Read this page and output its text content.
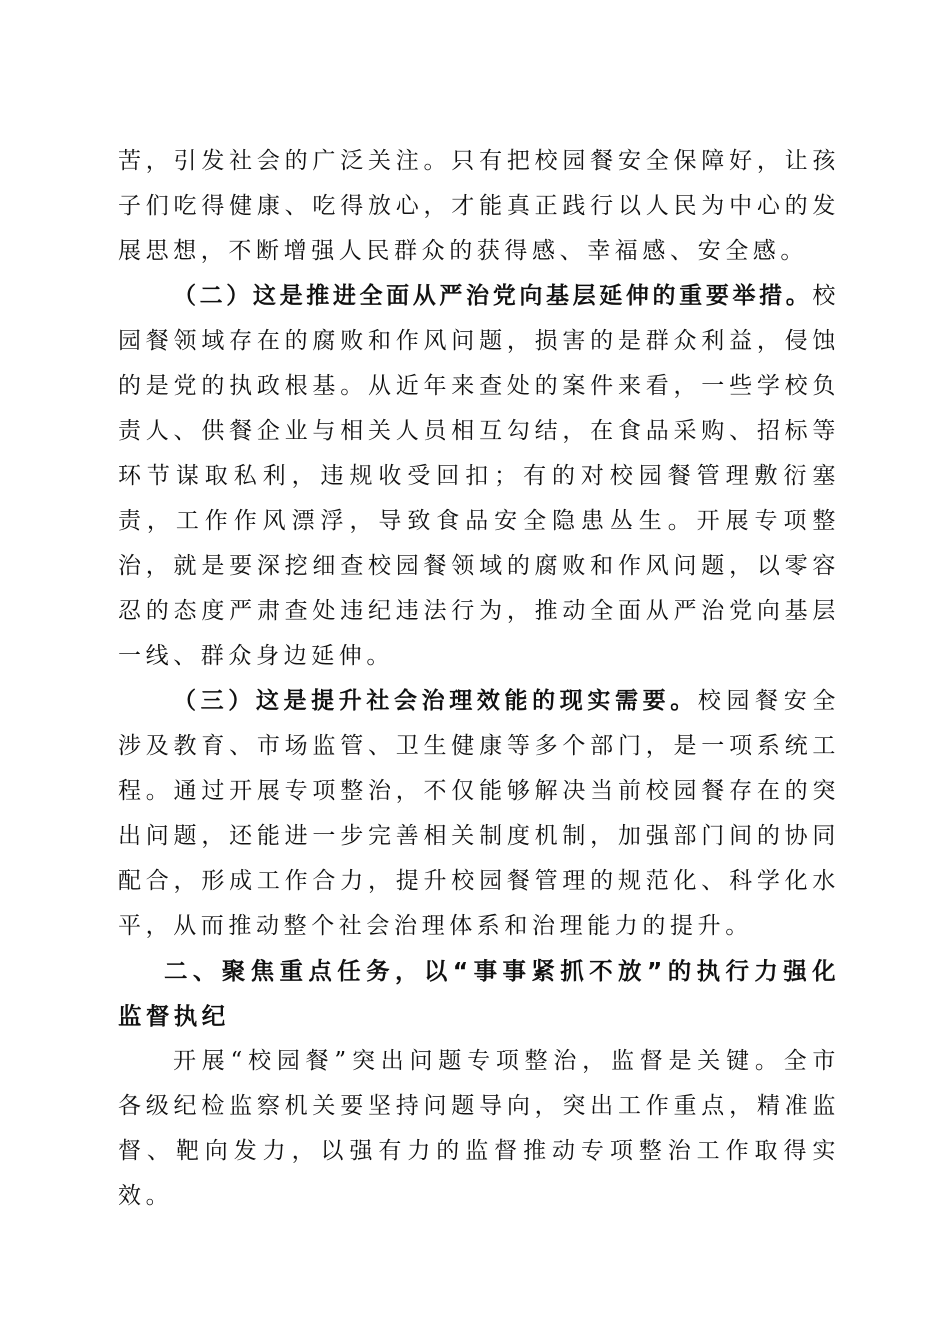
苦，引发社会的广泛关注。只有把校园餐安全保障好，让孩子们吃得健康、吃得放心，才能真正践行以人民为中心的发展思想，不断增强人民群众的获得感、幸福感、安全感。

（二）这是推进全面从严治党向基层延伸的重要举措。校园餐领域存在的腐败和作风问题，损害的是群众利益，侵蚀的是党的执政根基。从近年来查处的案件来看，一些学校负责人、供餐企业与相关人员相互勾结，在食品采购、招标等环节谋取私利，违规收受回扣；有的对校园餐管理敷衍塞责，工作作风漂浮，导致食品安全隐患丛生。开展专项整治，就是要深挖细查校园餐领域的腐败和作风问题，以零容忍的态度严肃查处违纪违法行为，推动全面从严治党向基层一线、群众身边延伸。

（三）这是提升社会治理效能的现实需要。校园餐安全涉及教育、市场监管、卫生健康等多个部门，是一项系统工程。通过开展专项整治，不仅能够解决当前校园餐存在的突出问题，还能进一步完善相关制度机制，加强部门间的协同配合，形成工作合力，提升校园餐管理的规范化、科学化水平，从而推动整个社会治理体系和治理能力的提升。

二、聚焦重点任务，以“事事紧抓不放”的执行力强化监督执纪

开展“校园餐”突出问题专项整治，监督是关键。全市各级纪检监察机关要坚持问题导向，突出工作重点，精准监督、靶向发力，以强有力的监督推动专项整治工作取得实效。
